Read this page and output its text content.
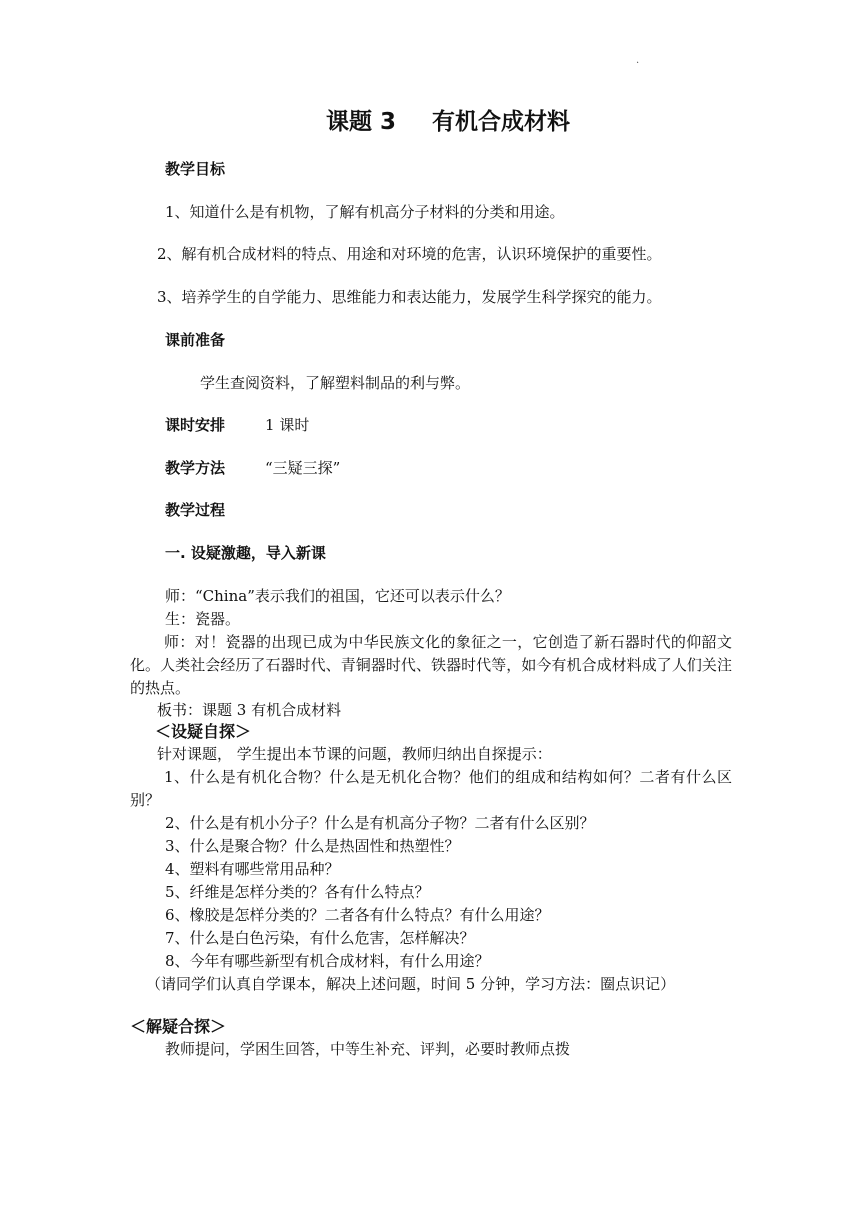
.
课题 3 有机合成材料
教学目标
1、知道什么是有机物，了解有机高分子材料的分类和用途。
2、解有机合成材料的特点、用途和对环境的危害，认识环境保护的重要性。
3、培养学生的自学能力、思维能力和表达能力，发展学生科学探究的能力。
课前准备
学生查阅资料，了解塑料制品的利与弊。
课时安排	1 课时
教学方法	“三疑三探”
教学过程
一. 设疑激趣，导入新课
师：“China”表示我们的祖国，它还可以表示什么？
生：瓷器。
师：对！瓷器的出现已成为中华民族文化的象征之一，它创造了新石器时代的仰韶文化。人类社会经历了石器时代、青铜器时代、铁器时代等，如今有机合成材料成了人们关注的热点。
板书：课题 3 有机合成材料
＜设疑自探＞
针对课题， 学生提出本节课的问题，教师归纳出自探提示：
1、什么是有机化合物？什么是无机化合物？他们的组成和结构如何？二者有什么区别？
2、什么是有机小分子？什么是有机高分子物？二者有什么区别？
3、什么是聚合物？什么是热固性和热塑性？
4、塑料有哪些常用品种？
5、纤维是怎样分类的？各有什么特点？
6、橡胶是怎样分类的？二者各有什么特点？有什么用途？
7、什么是白色污染，有什么危害，怎样解决？
8、今年有哪些新型有机合成材料，有什么用途？
（请同学们认真自学课本，解决上述问题，时间 5 分钟，学习方法：圈点识记）
＜解疑合探＞
教师提问，学困生回答，中等生补充、评判，必要时教师点拨
